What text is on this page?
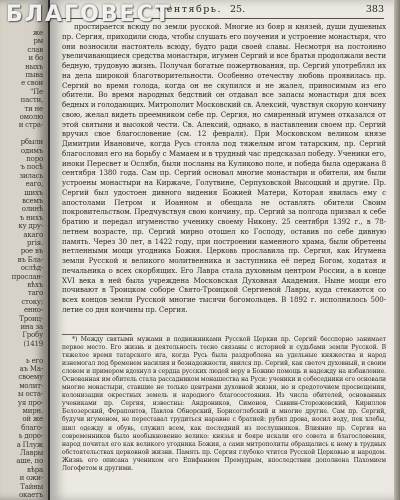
же
рм
слав
и бо
ныхъ
пыва
е свои
"Пе
пасти,
ти не
омолю
и стра-
рбыли
одимъ
поро
ъ посѣ
зилась
еаго,
шихъ
всемъ
олинѣ
ъ нихъ
ку дру-
акаго
ргія.
рое въ
въ Бла-
ослѣд-
прослан-
вѣхъ
таго
стоку;
енно-
Троиц-
ина за
Гробу
(1419
ь его
аъ Ма-
своему
молит-
ы оста-
уя про-
мирн.
ой же
благо-
ь доро-
а Плуж
Лавры
аше, по
вѣра
и ожи-
Тайны
окаетъ
Сентябрь. 25.	383
простирается всюду по земли русской. Многие из бояр и князей, души душевных пр. Сергия, приходили сюда, чтобы слушать его поучения и устроение монастыря, что они возносили настоятель всюду, будто ради своей славы. Несмотря на постоянно увеличивающиеся средства монастыря, игумен Сергий и все братья продолжали вести бедную, трудовую жизнь. Получая богатые пожертвования, пр. Сергий употреблял их на дела широкой благотворительности. Особенно отечеству любовь проявилась пр. Сергий во время голода, когда он не скупился и не жалел, приносимым из его обители. Во время народных бедствий он отдавал все запасы монастыря для всех бедных и голодающих. Митрополит Московский св. Алексий, чувствуя скорую кончину свою, желал видеть преемником себе пр. Сергия, но смиренный игумен отказался от этой святыни и высокой чести. Св. Алексий, однако, в наставлении своем пр. Сергий вручил свое благословение (см. 12 февраля). При Московском великом князе Димитрии Ивановиче, когда Русь стояла под тяжелым игом татарским, пр. Сергий благословил его на борьбу с Мамаем и в трудный час предсказал победу. Ученики его, иноки Пересвет и Ослябя, были посланы на Куликово поле, и победа была одержана 8 сентября 1380 года. Сам пр. Сергий основал многие монастыри и обители, им были устроены монастыри на Киржаче, Голутвине, Серпуховской Высоцкий и другие. Пр. Сергий был удостоен дивного видения Божией Матери, Которая явилась ему с апостолами Петром и Иоанном и обещала не оставлять обители Своим покровительством. Предчувствуя свою кончину, пр. Сергий за полгода призвал к себе братию и передал игуменство ученику своему Никону. 25 сентября 1392 г., в 78-летнем возрасте, пр. Сергий мирно отошел ко Господу, оставив по себе дивную память. Через 30 лет, в 1422 году, при построении каменного храма, были обретены нетленными мощи угодника Божия. Церковь прославила пр. Сергия, как Игумена земли Русской и великого молитвенника и заступника её перед Богом, ходатая и печальника о всех скорбящих. Его Лавра стала духовным центром России, а в конце XVI века в ней была учреждена Московская Духовная Академия. Ныне мощи его почивают в Троицком соборе Свято-Троицкой Сергиевой Лавры, куда стекаются со всех концов земли Русской многие тысячи богомольцев. В 1892 г. исполнилось 500-летие со дня кончины пр. Сергия.
*) Между святыми мужами и подвижниками Русской Церкви пр. Сергий бесспорно занимает первое место. Его жизнь и деятельность тесно связаны с историей и судьбами земли Русской. В тяжелое время татарского ига, когда Русь была раздроблена на удельные княжества и народ изнемогал под бременем насилия и безнадежности, явился пр. Сергий, как светоч духовный, и своим словом и примером вдохнул в сердца русских людей веру в Божию помощь и надежду на избавление. Основанная им обитель стала рассадником монашества на Руси: ученики и собеседники его основали многие монастыри, ставшие не только центрами духовной жизни, но и средоточием просвещения, колонизации окрестных земель и народного благосостояния. Из числа обителей, основанных учениками пр. Сергия, известны: Андроников, Симонов, Саввин-Сторожевский, Кириллов Белозерский, Ферапонтов, Павлов Обнорский, Борисоглебский и многие другие. Сам пр. Сергий, будучи игуменом, не переставал трудиться наравне с братией: рубил дрова, носил воду, пек хлебы, шил одежду и обувь, служил всем, как последний из послушников. Влияние пр. Сергия на современников было необыкновенно велико: князья и бояре искали его совета и благословения, народ почитал его как великого угодника Божия, а сами митрополиты обращались к нему в трудных обстоятельствах церковной жизни. Память пр. Сергия глубоко чтится Русской Церковью и народом. Жизнь его описана учеником его Епифанием Премудрым, впоследствии дополнена Пахомием Логофетом и другими.
БЛАГОВЕСТ
